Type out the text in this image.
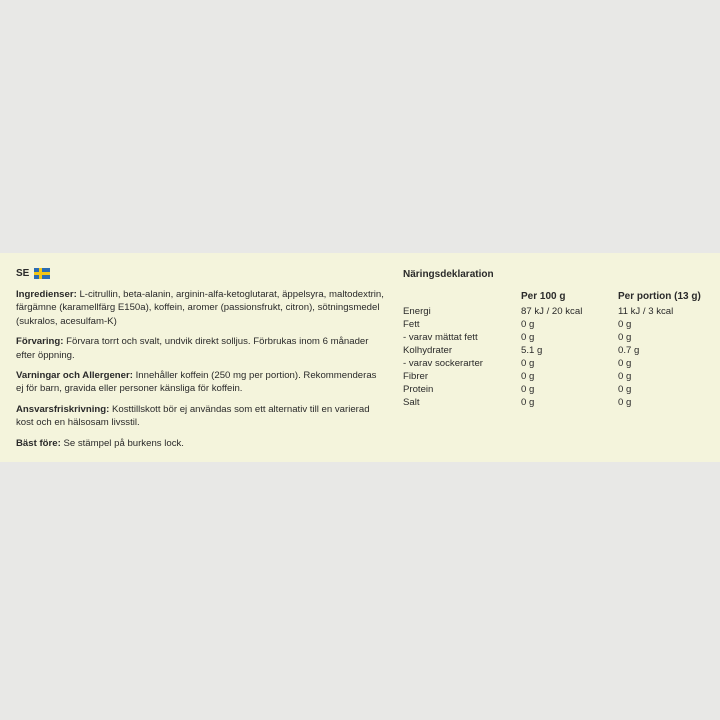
SE

Ingredienser: L-citrullin, beta-alanin, arginin-alfa-ketoglutarat, äppelsyra, maltodextrin, färgämne (karamellfärg E150a), koffein, aromer (passionsfrukt, citron), sötningsmedel (sukralos, acesulfam-K)

Förvaring: Förvara torrt och svalt, undvik direkt solljus. Förbrukas inom 6 månader efter öppning.

Varningar och Allergener: Innehåller koffein (250 mg per portion). Rekommenderas ej för barn, gravida eller personer känsliga för koffein.

Ansvarsfriskrivning: Kosttillskott bör ej användas som ett alternativ till en varierad kost och en hälsosam livsstil.

Bäst före: Se stämpel på burkens lock.

Näringsdeklaration
	Per 100 g	Per portion (13 g)
Energi	87 kJ / 20 kcal	11 kJ / 3 kcal
Fett	0 g	0 g
- varav mättat fett	0 g	0 g
Kolhydrater	5.1 g	0.7 g
- varav sockerarter	0 g	0 g
Fibrer	0 g	0 g
Protein	0 g	0 g
Salt	0 g	0 g
